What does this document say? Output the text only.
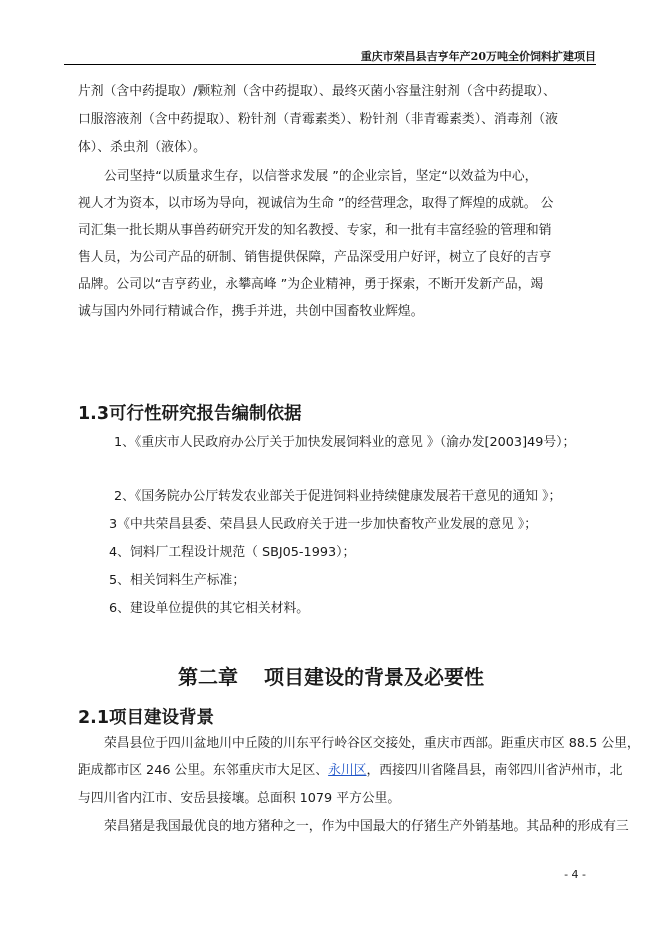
重庆市荣昌县吉亨年产20万吨全价饲料扩建项目
片剂（含中药提取）/颗粒剂（含中药提取）、最终灭菌小容量注射剂（含中药提取）、
口服溶液剂（含中药提取）、粉针剂（青霉素类）、粉针剂（非青霉素类）、消毒剂（液
体）、杀虫剂（液体）。
公司坚持“以质量求生存，以信誉求发展 ”的企业宗旨，坚定“以效益为中心，
视人才为资本，以市场为导向，视诚信为生命 ”的经营理念，取得了辉煌的成就。 公
司汇集一批长期从事兽药研究开发的知名教授、专家，和一批有丰富经验的管理和销
售人员，为公司产品的研制、销售提供保障，产品深受用户好评，树立了良好的吉亨
品牌。公司以“吉亨药业，永攀高峰 ”为企业精神，勇于探索，不断开发新产品，竭
诚与国内外同行精诚合作，携手并进，共创中国畜牧业辉煌。
1.3可行性研究报告编制依据
1、《重庆市人民政府办公厅关于加快发展饲料业的意见 》（渝办发[2003]49号）；
2、《国务院办公厅转发农业部关于促进饲料业持续健康发展若干意见的通知 》；
3《中共荣昌县委、荣昌县人民政府关于进一步加快畜牧产业发展的意见 》；
4、饲料厂工程设计规范（ SBJ05-1993）；
5、相关饲料生产标准；
6、建设单位提供的其它相关材料。
第二章 项目建设的背景及必要性
2.1项目建设背景
荣昌县位于四川盆地川中丘陵的川东平行岭谷区交接处，重庆市西部。距重庆市区 88.5 公里，
距成都市区 246 公里。东邻重庆市大足区、永川区，西接四川省隆昌县，南邻四川省泸州市，北
与四川省内江市、安岳县接壤。总面积 1079 平方公里。
荣昌猪是我国最优良的地方猪种之一，作为中国最大的仔猪生产外销基地。其品种的形成有三
- 4 -
